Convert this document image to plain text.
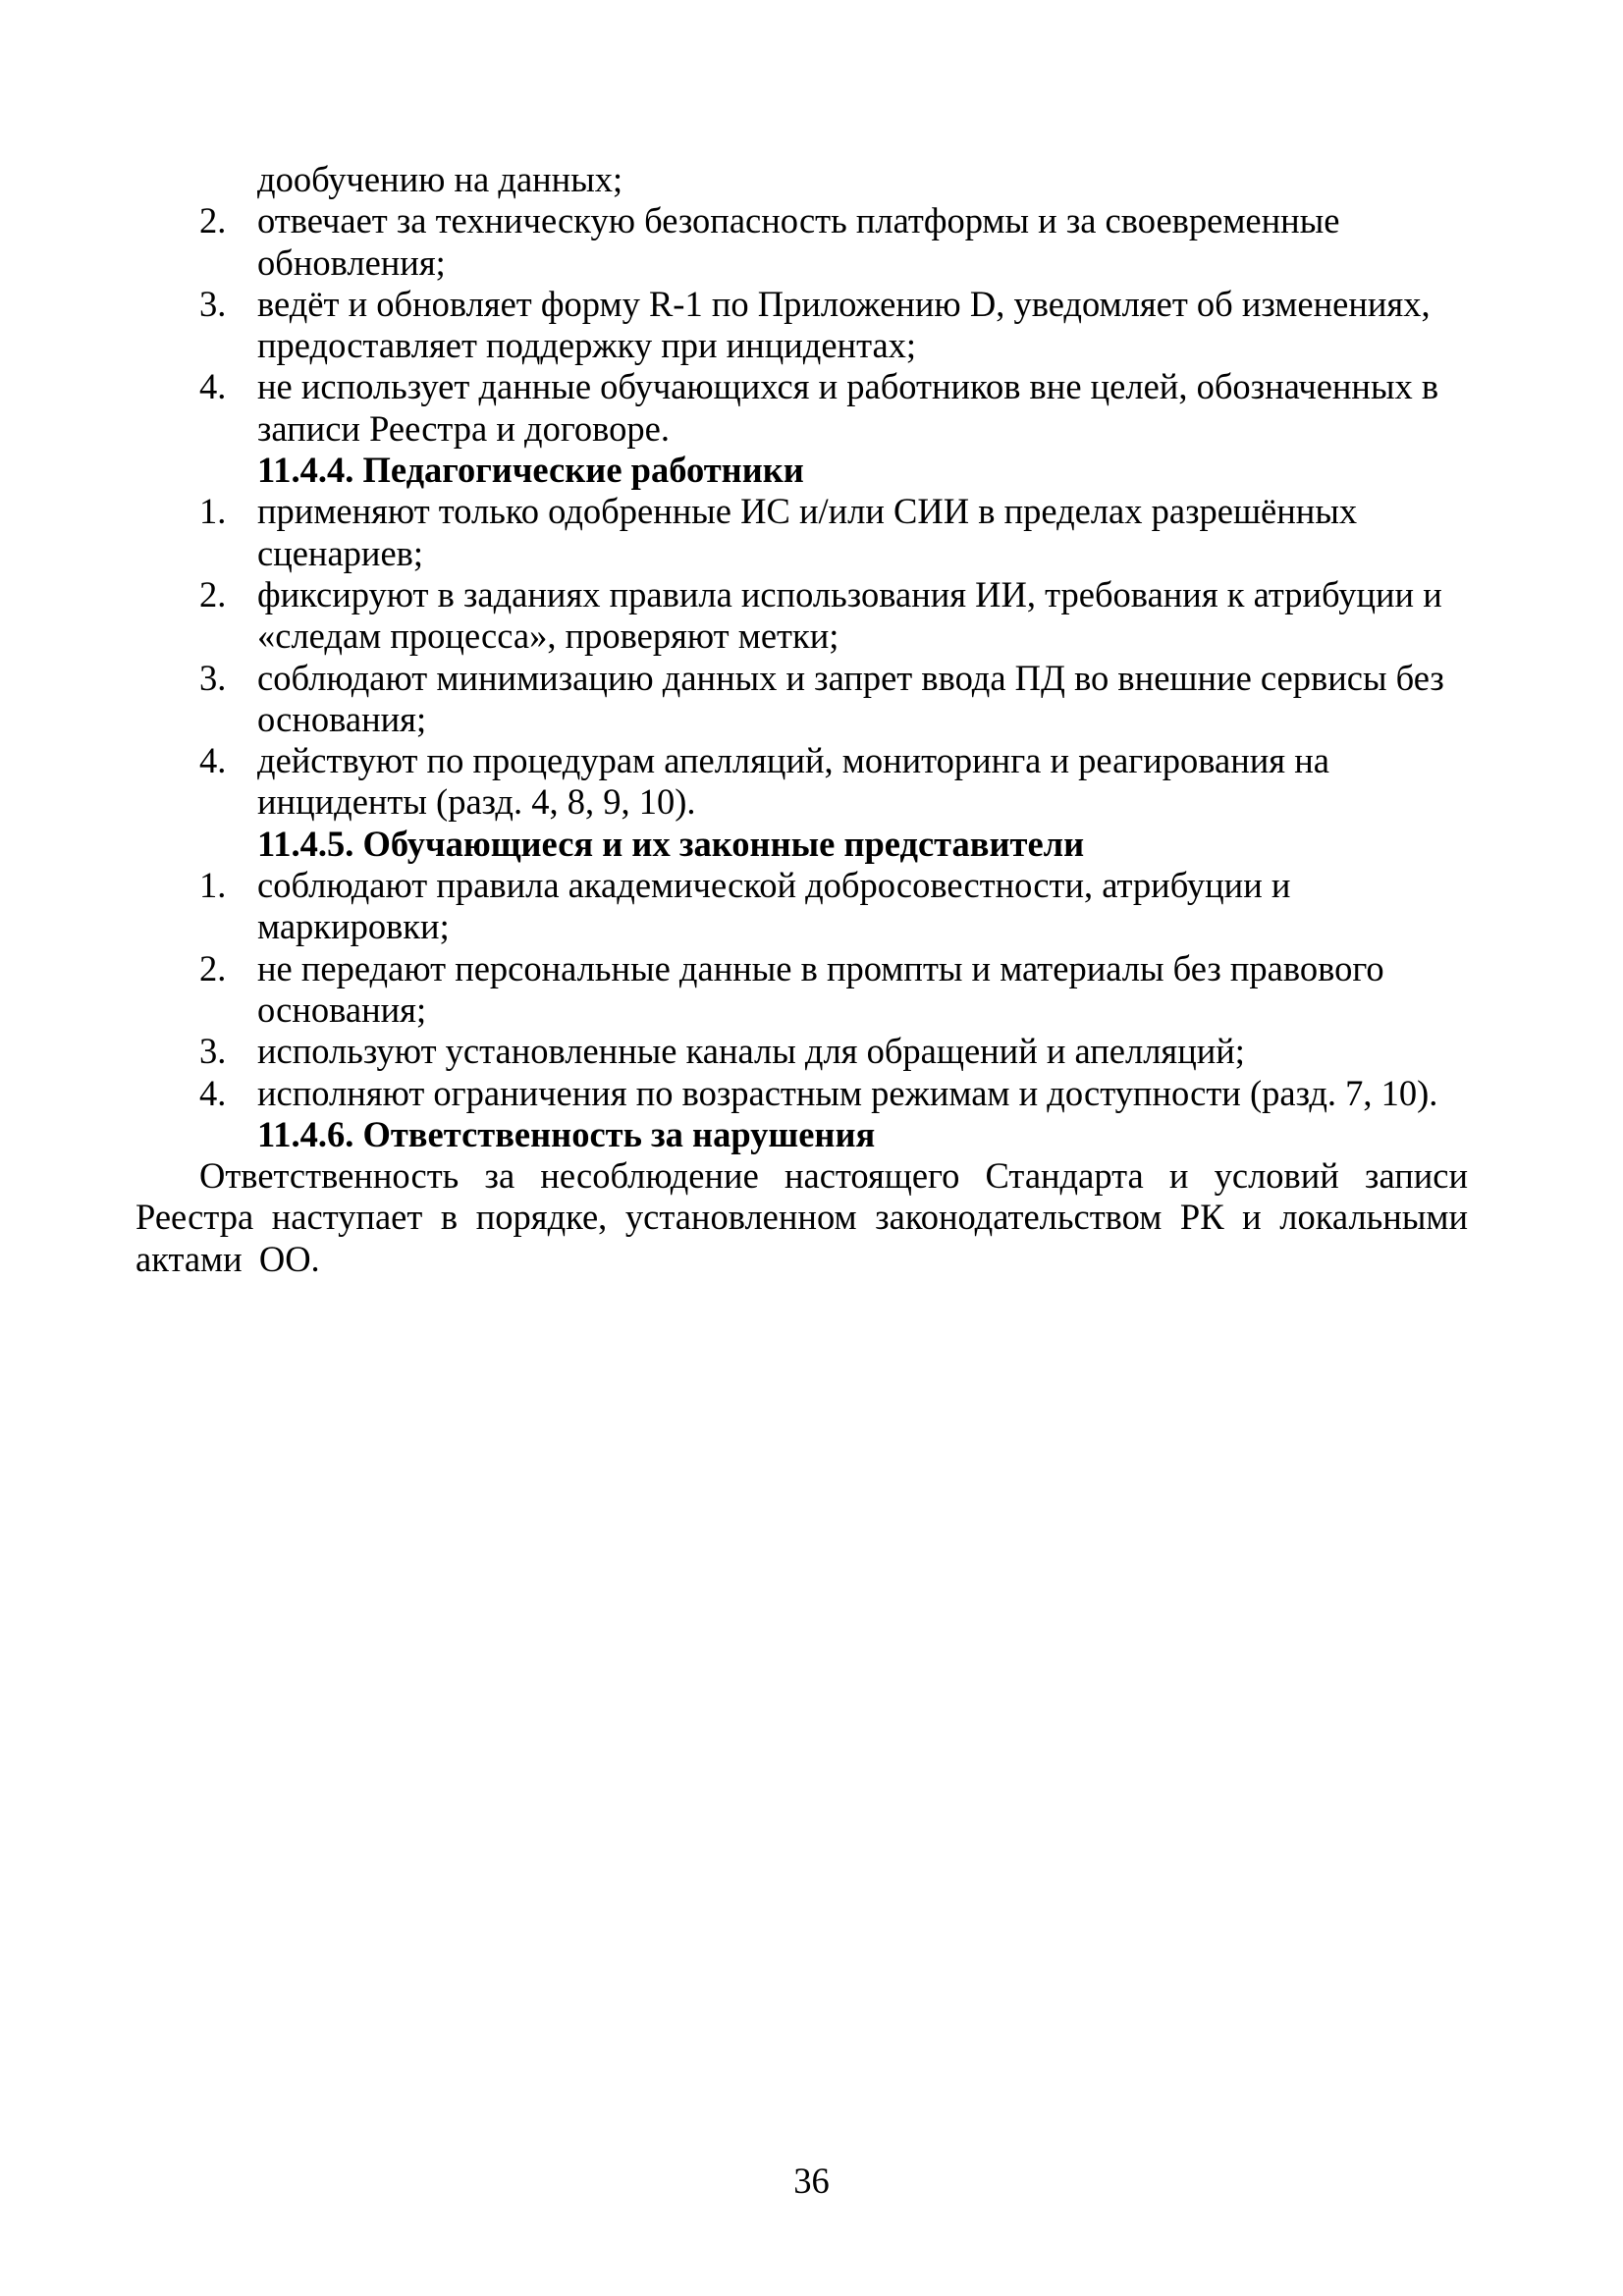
дообучению на данных;
2. отвечает за техническую безопасность платформы и за своевременные обновления;
3. ведёт и обновляет форму R-1 по Приложению D, уведомляет об изменениях, предоставляет поддержку при инцидентах;
4. не использует данные обучающихся и работников вне целей, обозначенных в записи Реестра и договоре.
11.4.4. Педагогические работники
1. применяют только одобренные ИС и/или СИИ в пределах разрешённых сценариев;
2. фиксируют в заданиях правила использования ИИ, требования к атрибуции и «следам процесса», проверяют метки;
3. соблюдают минимизацию данных и запрет ввода ПД во внешние сервисы без основания;
4. действуют по процедурам апелляций, мониторинга и реагирования на инциденты (разд. 4, 8, 9, 10).
11.4.5. Обучающиеся и их законные представители
1. соблюдают правила академической добросовестности, атрибуции и маркировки;
2. не передают персональные данные в промпты и материалы без правового основания;
3. используют установленные каналы для обращений и апелляций;
4. исполняют ограничения по возрастным режимам и доступности (разд. 7, 10).
11.4.6. Ответственность за нарушения
Ответственность за несоблюдение настоящего Стандарта и условий записи Реестра наступает в порядке, установленном законодательством РК и локальными актами ОО.
36
